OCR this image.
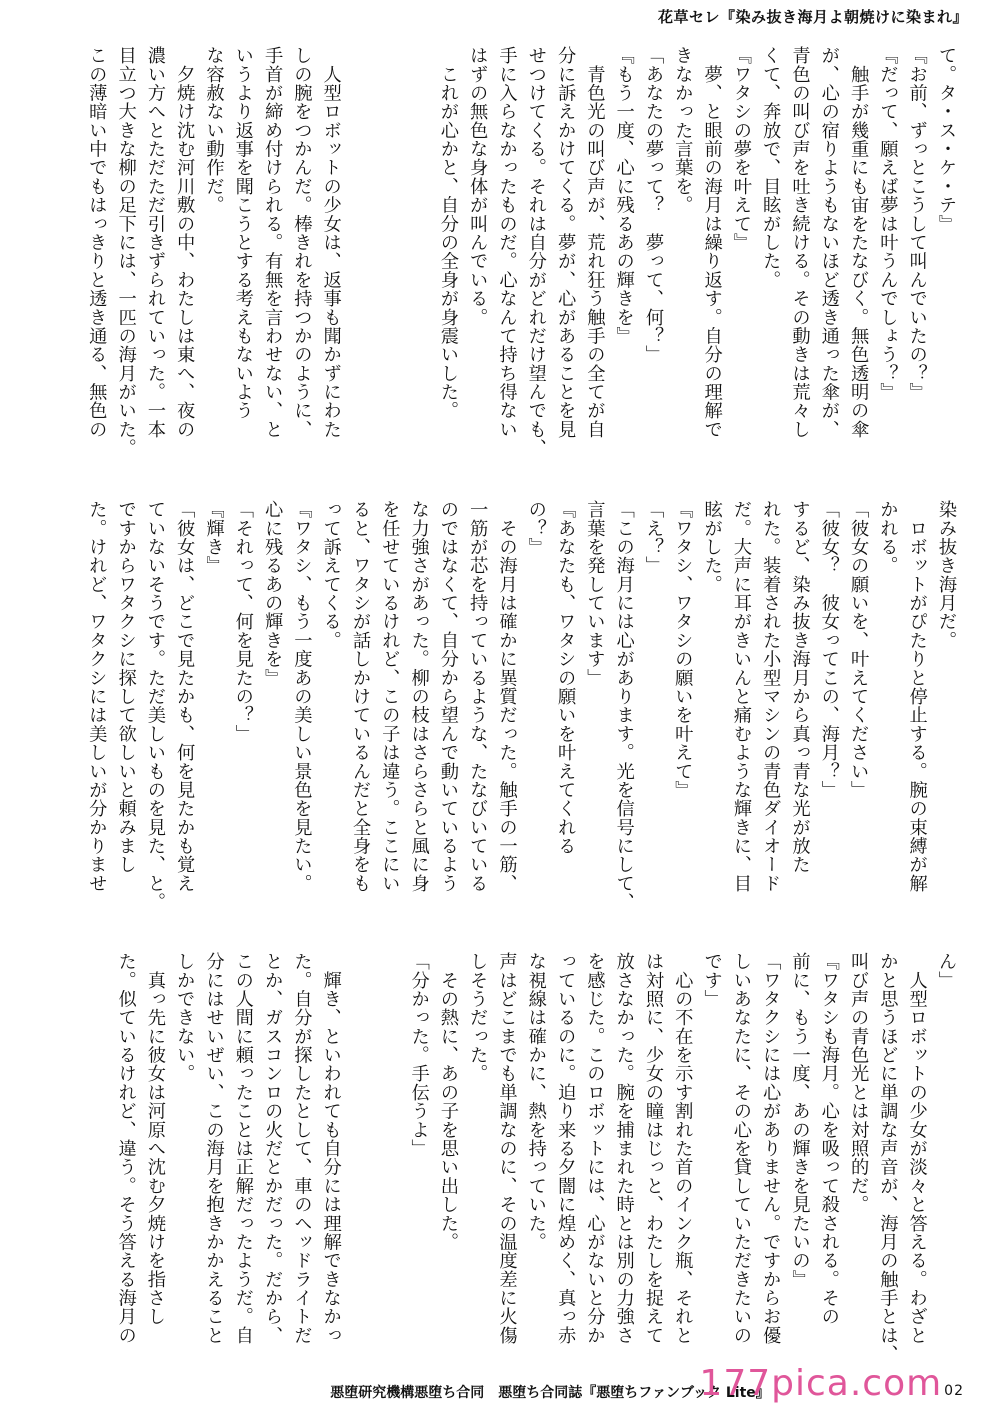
花草セレ『染み抜き海月よ朝焼けに染まれ』
て。タ・ス・ケ・テ』
『お前、ずっとこうして叫んでいたの？』
『だって、願えば夢は叶うんでしょう？』
　触手が幾重にも宙をたなびく。無色透明の傘
が、心の宿りようもないほど透き通った傘が、
青色の叫び声を吐き続ける。その動きは荒々し
くて、奔放で、目眩がした。
『ワタシの夢を叶えて』
　夢、と眼前の海月は繰り返す。自分の理解で
きなかった言葉を。
「あなたの夢って？　夢って、何？」
『もう一度、心に残るあの輝きを』
　青色光の叫び声が、荒れ狂う触手の全てが自
分に訴えかけてくる。夢が、心があることを見
せつけてくる。それは自分がどれだけ望んでも、
手に入らなかったものだ。心なんて持ち得ない
はずの無色な身体が叫んでいる。
　これが心かと、自分の全身が身震いした。
　人型ロボットの少女は、返事も聞かずにわた
しの腕をつかんだ。棒きれを持つかのように、
手首が締め付けられる。有無を言わせない、と
いうより返事を聞こうとする考えもないよう
な容赦ない動作だ。
　夕焼け沈む河川敷の中、わたしは東へ、夜の
濃い方へとただただ引きずられていった。一本
目立つ大きな柳の足下には、一匹の海月がいた。
この薄暗い中でもはっきりと透き通る、無色の
染み抜き海月だ。
　ロボットがぴたりと停止する。腕の束縛が解
かれる。
「彼女の願いを、叶えてください」
「彼女？　彼女ってこの、海月？」
するど、染み抜き海月から真っ青な光が放た
れた。装着された小型マシンの青色ダイオード
だ。大声に耳がきいんと痛むような輝きに、目
眩がした。
『ワタシ、ワタシの願いを叶えて』
「え？」
「この海月には心があります。光を信号にして、
言葉を発しています」
『あなたも、ワタシの願いを叶えてくれる
の？』
　その海月は確かに異質だった。触手の一筋、
一筋が芯を持っているような、たなびいている
のではなくて、自分から望んで動いているよう
な力強さがあった。柳の枝はさらさらと風に身
を任せているけれど、この子は違う。ここにい
ると、ワタシが話しかけているんだと全身をも
って訴えてくる。
『ワタシ、もう一度あの美しい景色を見たい。
心に残るあの輝きを』
「それって、何を見たの？」
『輝き』
「彼女は、どこで見たかも、何を見たかも覚え
ていないそうです。ただ美しいものを見た、と。
ですからワタクシに探して欲しいと頼みまし
た。けれど、ワタクシには美しいが分かりませ
ん」
　人型ロボットの少女が淡々と答える。わざと
かと思うほどに単調な声音が、海月の触手とは、
叫び声の青色光とは対照的だ。
『ワタシも海月。心を吸って殺される。その
前に、もう一度、あの輝きを見たいの』
「ワタクシには心がありません。ですからお優
しいあなたに、その心を貸していただきたいの
です」
　心の不在を示す割れた首のインク瓶、それと
は対照に、少女の瞳はじっと、わたしを捉えて
放さなかった。腕を捕まれた時とは別の力強さ
を感じた。このロボットには、心がないと分か
っているのに。迫り来る夕闇に煌めく、真っ赤
な視線は確かに、熱を持っていた。
声はどこまでも単調なのに、その温度差に火傷
しそうだった。
　その熱に、あの子を思い出した。
「分かった。手伝うよ」
　輝き、といわれても自分には理解できなかっ
た。自分が探したとして、車のヘッドライトだ
とか、ガスコンロの火だとかだった。だから、
この人間に頼ったことは正解だったようだ。自
分にはせいぜい、この海月を抱きかかえること
しかできない。
　真っ先に彼女は河原へ沈む夕焼けを指さし
た。似ているけれど、違う。そう答える海月の
悪堕研究機構悪堕ち合同　悪堕ち合同誌『悪堕ちファンブック Lite』
177pica.com 02
